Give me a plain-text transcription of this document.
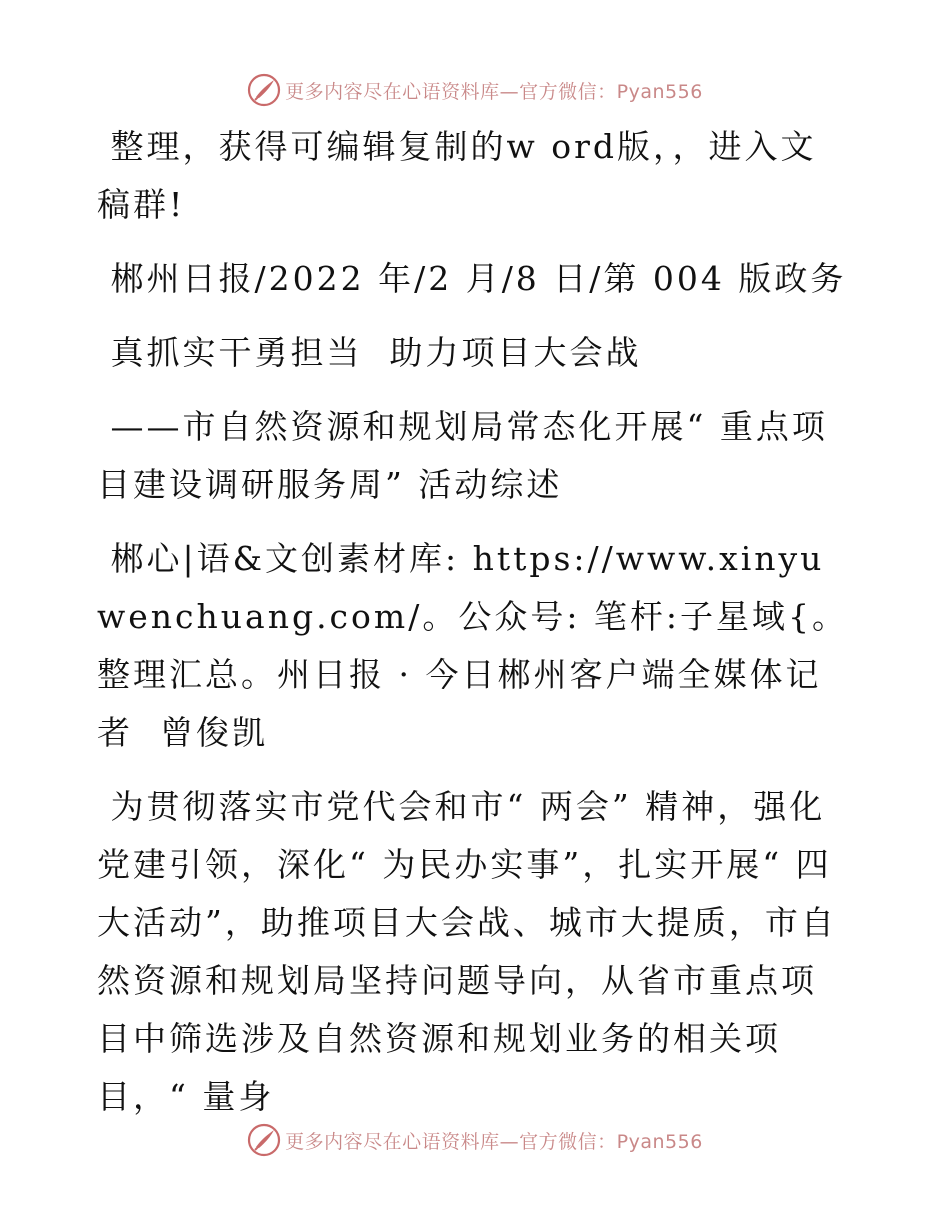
更多内容尽在心语资料库—官方微信：Pyan556

整理，获得可编辑复制的w ord版，，进入文稿群!

郴州日报/2022 年/2 月/8 日/第 004 版政务

真抓实干勇担当  助力项目大会战

——市自然资源和规划局常态化开展“ 重点项目建设调研服务周” 活动综述

郴心|语&文创素材库: https://www.xinyuwenchuang.com/。公众号: 笔杆:子星域{。整理汇总。州日报 · 今日郴州客户端全媒体记者  曾俊凯

为贯彻落实市党代会和市“ 两会” 精神，强化党建引领，深化“ 为民办实事”，扎实开展“ 四大活动”，助推项目大会战、城市大提质，市自然资源和规划局坚持问题导向，从省市重点项目中筛选涉及自然资源和规划业务的相关项目，“ 量身

更多内容尽在心语资料库—官方微信：Pyan556
